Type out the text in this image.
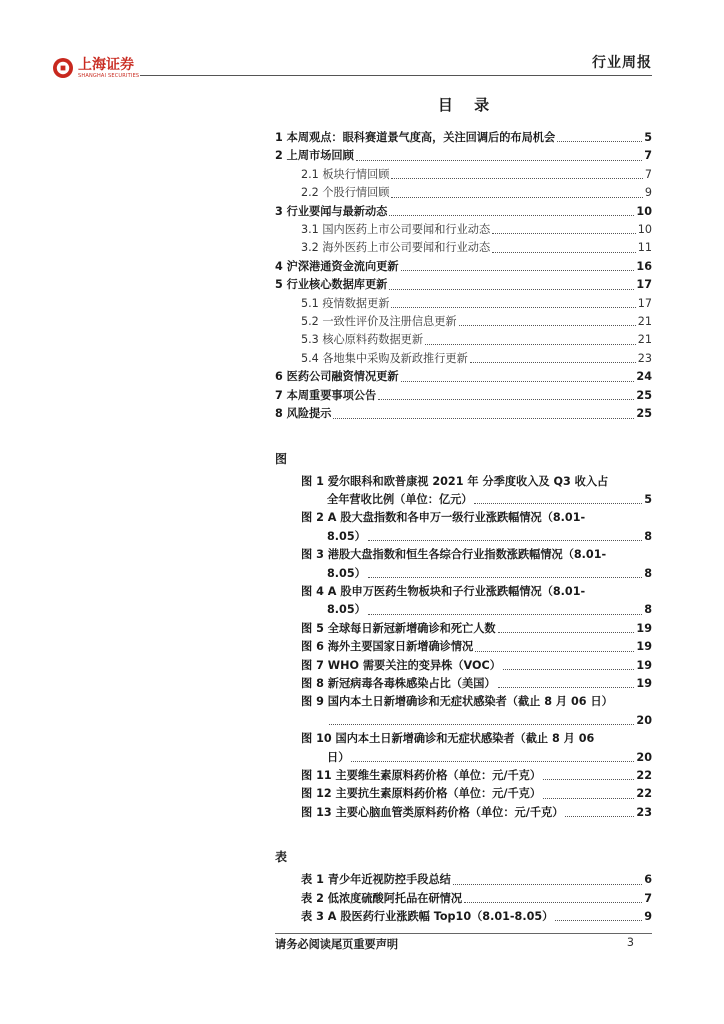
上海证券
SHANGHAI SECURITIES
行业周报
目 录
1 本周观点：眼科赛道景气度高，关注回调后的布局机会	5
2 上周市场回顾	7
2.1 板块行情回顾	7
2.2 个股行情回顾	9
3 行业要闻与最新动态	10
3.1 国内医药上市公司要闻和行业动态	10
3.2 海外医药上市公司要闻和行业动态	11
4 沪深港通资金流向更新	16
5 行业核心数据库更新	17
5.1 疫情数据更新	17
5.2 一致性评价及注册信息更新	21
5.3 核心原料药数据更新	21
5.4 各地集中采购及新政推行更新	23
6 医药公司融资情况更新	24
7 本周重要事项公告	25
8 风险提示	25
图
图 1 爱尔眼科和欧普康视 2021 年 分季度收入及 Q3 收入占
全年营收比例（单位：亿元）	5
图 2 A 股大盘指数和各申万一级行业涨跌幅情况（8.01-
8.05）	8
图 3 港股大盘指数和恒生各综合行业指数涨跌幅情况（8.01-
8.05）	8
图 4 A 股申万医药生物板块和子行业涨跌幅情况（8.01-
8.05）	8
图 5 全球每日新冠新增确诊和死亡人数	19
图 6 海外主要国家日新增确诊情况	19
图 7 WHO 需要关注的变异株（VOC）	19
图 8 新冠病毒各毒株感染占比（美国）	19
图 9 国内本土日新增确诊和无症状感染者（截止 8 月 06 日）
20
图 10 国内本土日新增确诊和无症状感染者（截止 8 月 06
日）	20
图 11 主要维生素原料药价格（单位：元/千克）	22
图 12 主要抗生素原料药价格（单位：元/千克）	22
图 13 主要心脑血管类原料药价格（单位：元/千克）	23
表
表 1 青少年近视防控手段总结	6
表 2 低浓度硫酸阿托品在研情况	7
表 3 A 股医药行业涨跌幅 Top10（8.01-8.05）	9
请务必阅读尾页重要声明	3
